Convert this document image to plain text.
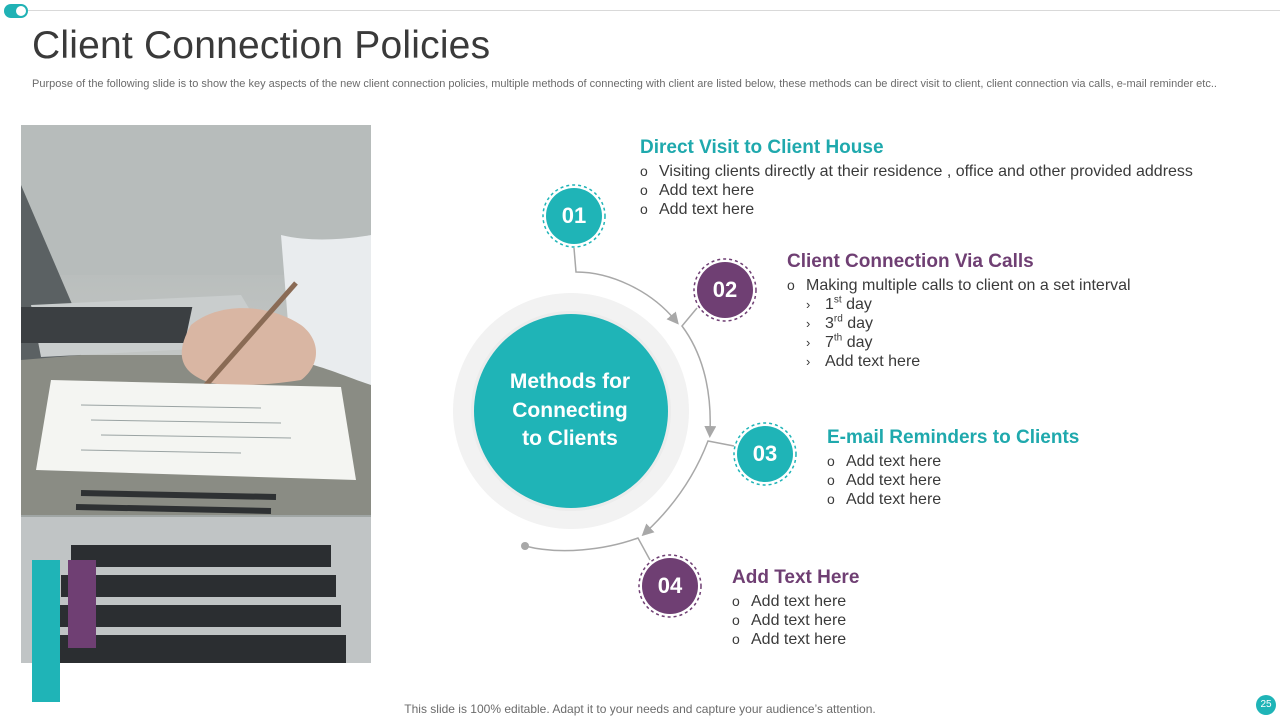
Client Connection Policies
Purpose of the following slide is to show the key aspects of the new client connection policies, multiple methods of connecting with client are listed below, these methods can be direct visit to client, client connection via calls, e-mail reminder etc..
Methods for
Connecting
to Clients
01
02
03
04
Direct Visit to Client House
o Visiting clients directly at their residence , office and other provided address
o Add text here
o Add text here
Client Connection Via Calls
o Making multiple calls to client on a set interval
› 1st day
› 3rd day
› 7th day
› Add text here
E-mail Reminders to Clients
o Add text here
o Add text here
o Add text here
Add Text Here
o Add text here
o Add text here
o Add text here
This slide is 100% editable. Adapt it to your needs and capture your audience’s attention.	25
